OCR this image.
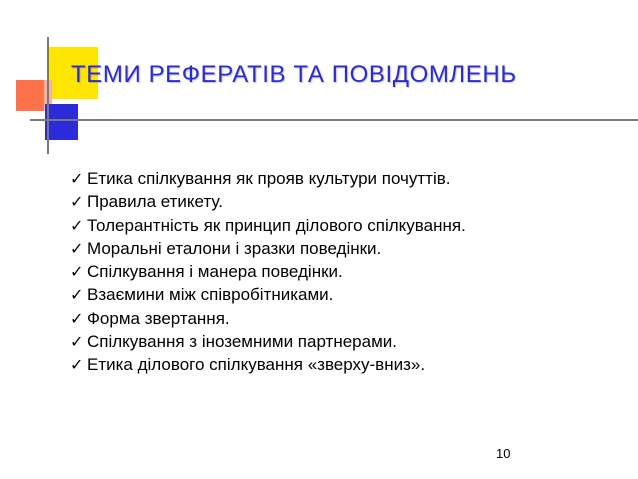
ТЕМИ РЕФЕРАТІВ ТА ПОВІДОМЛЕНЬ
✓ Етика спілкування як прояв культури почуттів.
✓ Правила етикету.
✓ Толерантність як принцип ділового спілкування.
✓ Моральні еталони і зразки поведінки.
✓ Спілкування і манера поведінки.
✓ Взаємини між співробітниками.
✓ Форма звертання.
✓ Спілкування з іноземними партнерами.
✓ Етика ділового спілкування «зверху-вниз».
10
